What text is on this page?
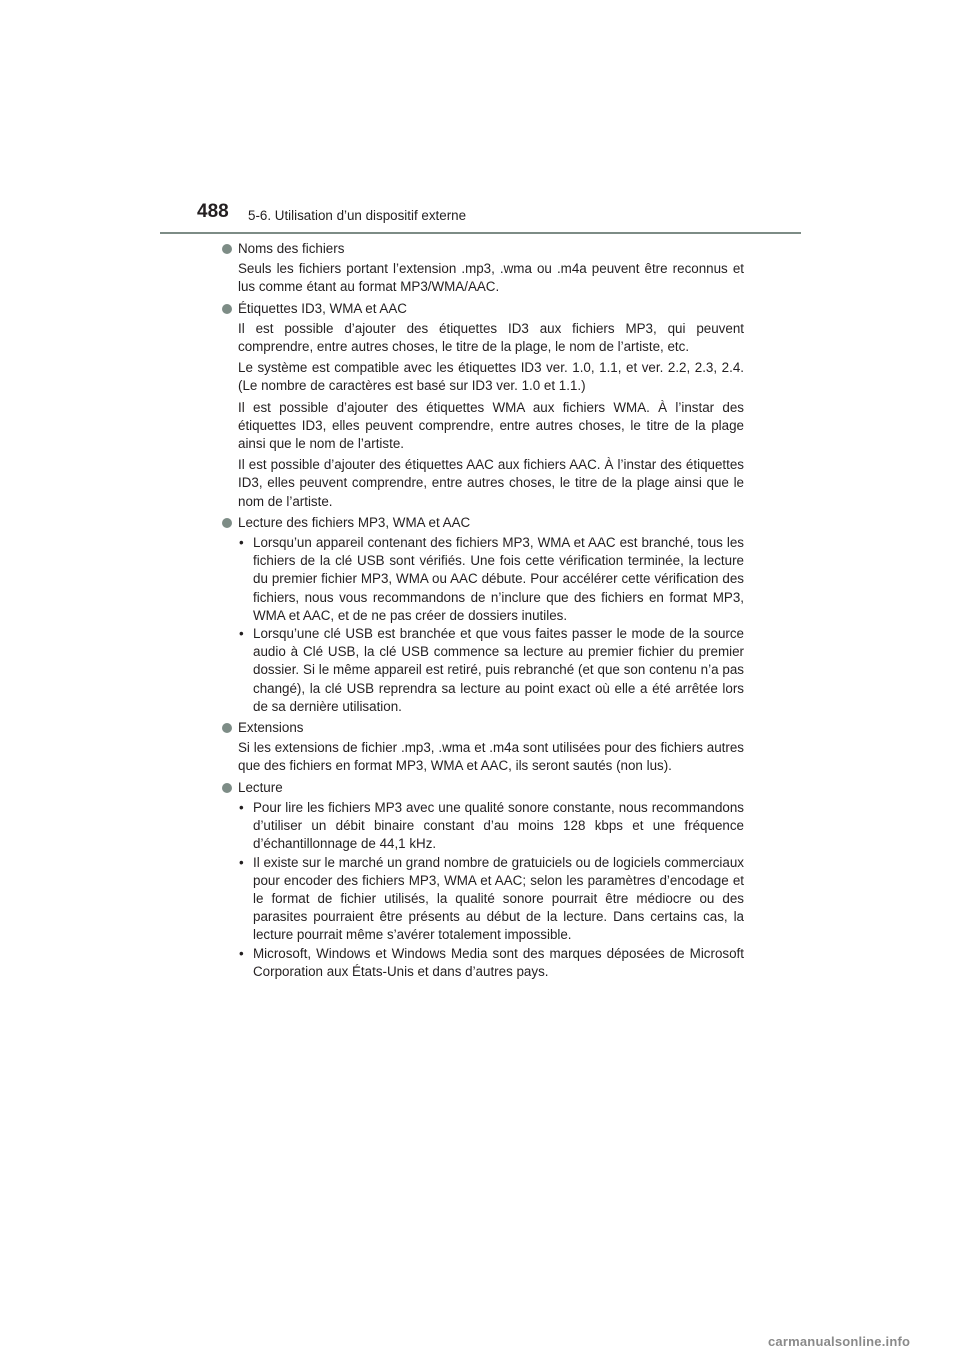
488 5-6. Utilisation d’un dispositif externe
Noms des fichiers

Seuls les fichiers portant l’extension .mp3, .wma ou .m4a peuvent être reconnus et lus comme étant au format MP3/WMA/AAC.

Étiquettes ID3, WMA et AAC

Il est possible d’ajouter des étiquettes ID3 aux fichiers MP3, qui peuvent comprendre, entre autres choses, le titre de la plage, le nom de l’artiste, etc.

Le système est compatible avec les étiquettes ID3 ver. 1.0, 1.1, et ver. 2.2, 2.3, 2.4. (Le nombre de caractères est basé sur ID3 ver. 1.0 et 1.1.)

Il est possible d’ajouter des étiquettes WMA aux fichiers WMA. À l’instar des étiquettes ID3, elles peuvent comprendre, entre autres choses, le titre de la plage ainsi que le nom de l’artiste.

Il est possible d’ajouter des étiquettes AAC aux fichiers AAC. À l’instar des étiquettes ID3, elles peuvent comprendre, entre autres choses, le titre de la plage ainsi que le nom de l’artiste.

Lecture des fichiers MP3, WMA et AAC
• Lorsqu’un appareil contenant des fichiers MP3, WMA et AAC est branché, tous les fichiers de la clé USB sont vérifiés. Une fois cette vérification terminée, la lecture du premier fichier MP3, WMA ou AAC débute. Pour accélérer cette vérification des fichiers, nous vous recommandons de n’inclure que des fichiers en format MP3, WMA et AAC, et de ne pas créer de dossiers inutiles.
• Lorsqu’une clé USB est branchée et que vous faites passer le mode de la source audio à Clé USB, la clé USB commence sa lecture au premier fichier du premier dossier. Si le même appareil est retiré, puis rebranché (et que son contenu n’a pas changé), la clé USB reprendra sa lecture au point exact où elle a été arrêtée lors de sa dernière utilisation.
Extensions

Si les extensions de fichier .mp3, .wma et .m4a sont utilisées pour des fichiers autres que des fichiers en format MP3, WMA et AAC, ils seront sautés (non lus).

Lecture
• Pour lire les fichiers MP3 avec une qualité sonore constante, nous recommandons d’utiliser un débit binaire constant d’au moins 128 kbps et une fréquence d’échantillonnage de 44,1 kHz.
• Il existe sur le marché un grand nombre de gratuiciels ou de logiciels commerciaux pour encoder des fichiers MP3, WMA et AAC; selon les paramètres d’encodage et le format de fichier utilisés, la qualité sonore pourrait être médiocre ou des parasites pourraient être présents au début de la lecture. Dans certains cas, la lecture pourrait même s’avérer totalement impossible.
• Microsoft, Windows et Windows Media sont des marques déposées de Microsoft Corporation aux États-Unis et dans d’autres pays.
carmanualsonline.info
